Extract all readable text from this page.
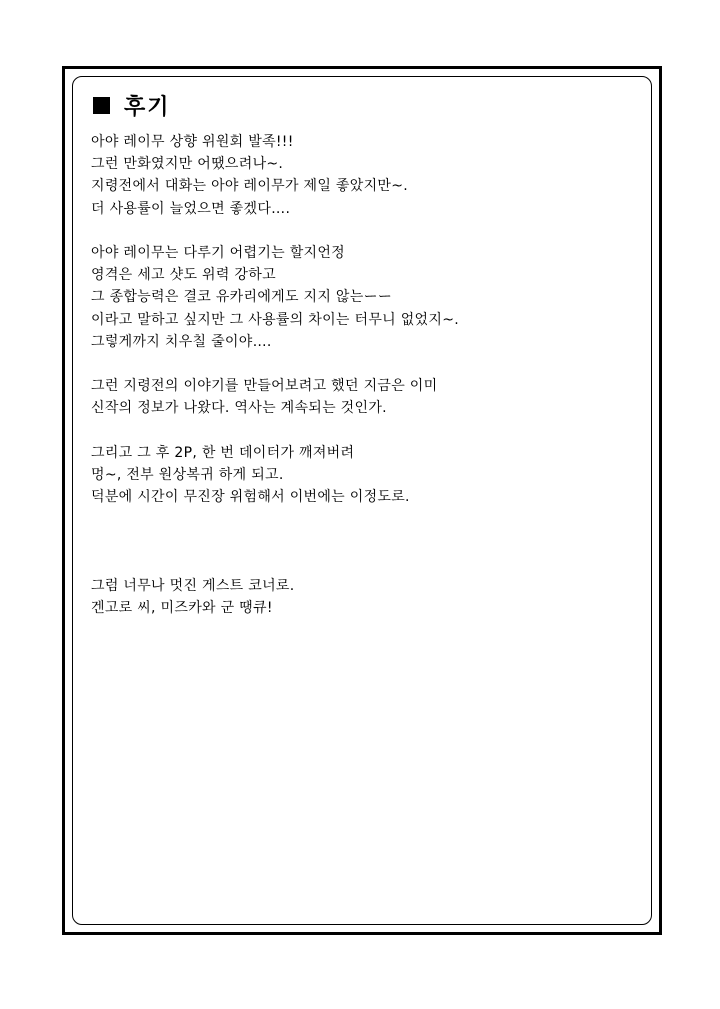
후기
아야 레이무 상향 위원회 발족!!!
그런 만화였지만 어땠으려나~.
지령전에서 대화는 아야 레이무가 제일 좋았지만~.
더 사용률이 늘었으면 좋겠다….
아야 레이무는 다루기 어렵기는 할지언정
영격은 세고 샷도 위력 강하고
그 종합능력은 결코 유카리에게도 지지 않는ーー
이라고 말하고 싶지만 그 사용률의 차이는 터무니 없었지~.
그렇게까지 치우칠 줄이야….
그런 지령전의 이야기를 만들어보려고 했던 지금은 이미
신작의 정보가 나왔다. 역사는 계속되는 것인가.
그리고 그 후 2P, 한 번 데이터가 깨져버려
멍~, 전부 원상복귀 하게 되고.
덕분에 시간이 무진장 위험해서 이번에는 이정도로.
그럼 너무나 멋진 게스트 코너로.
겐고로 씨, 미즈카와 군 땡큐!
